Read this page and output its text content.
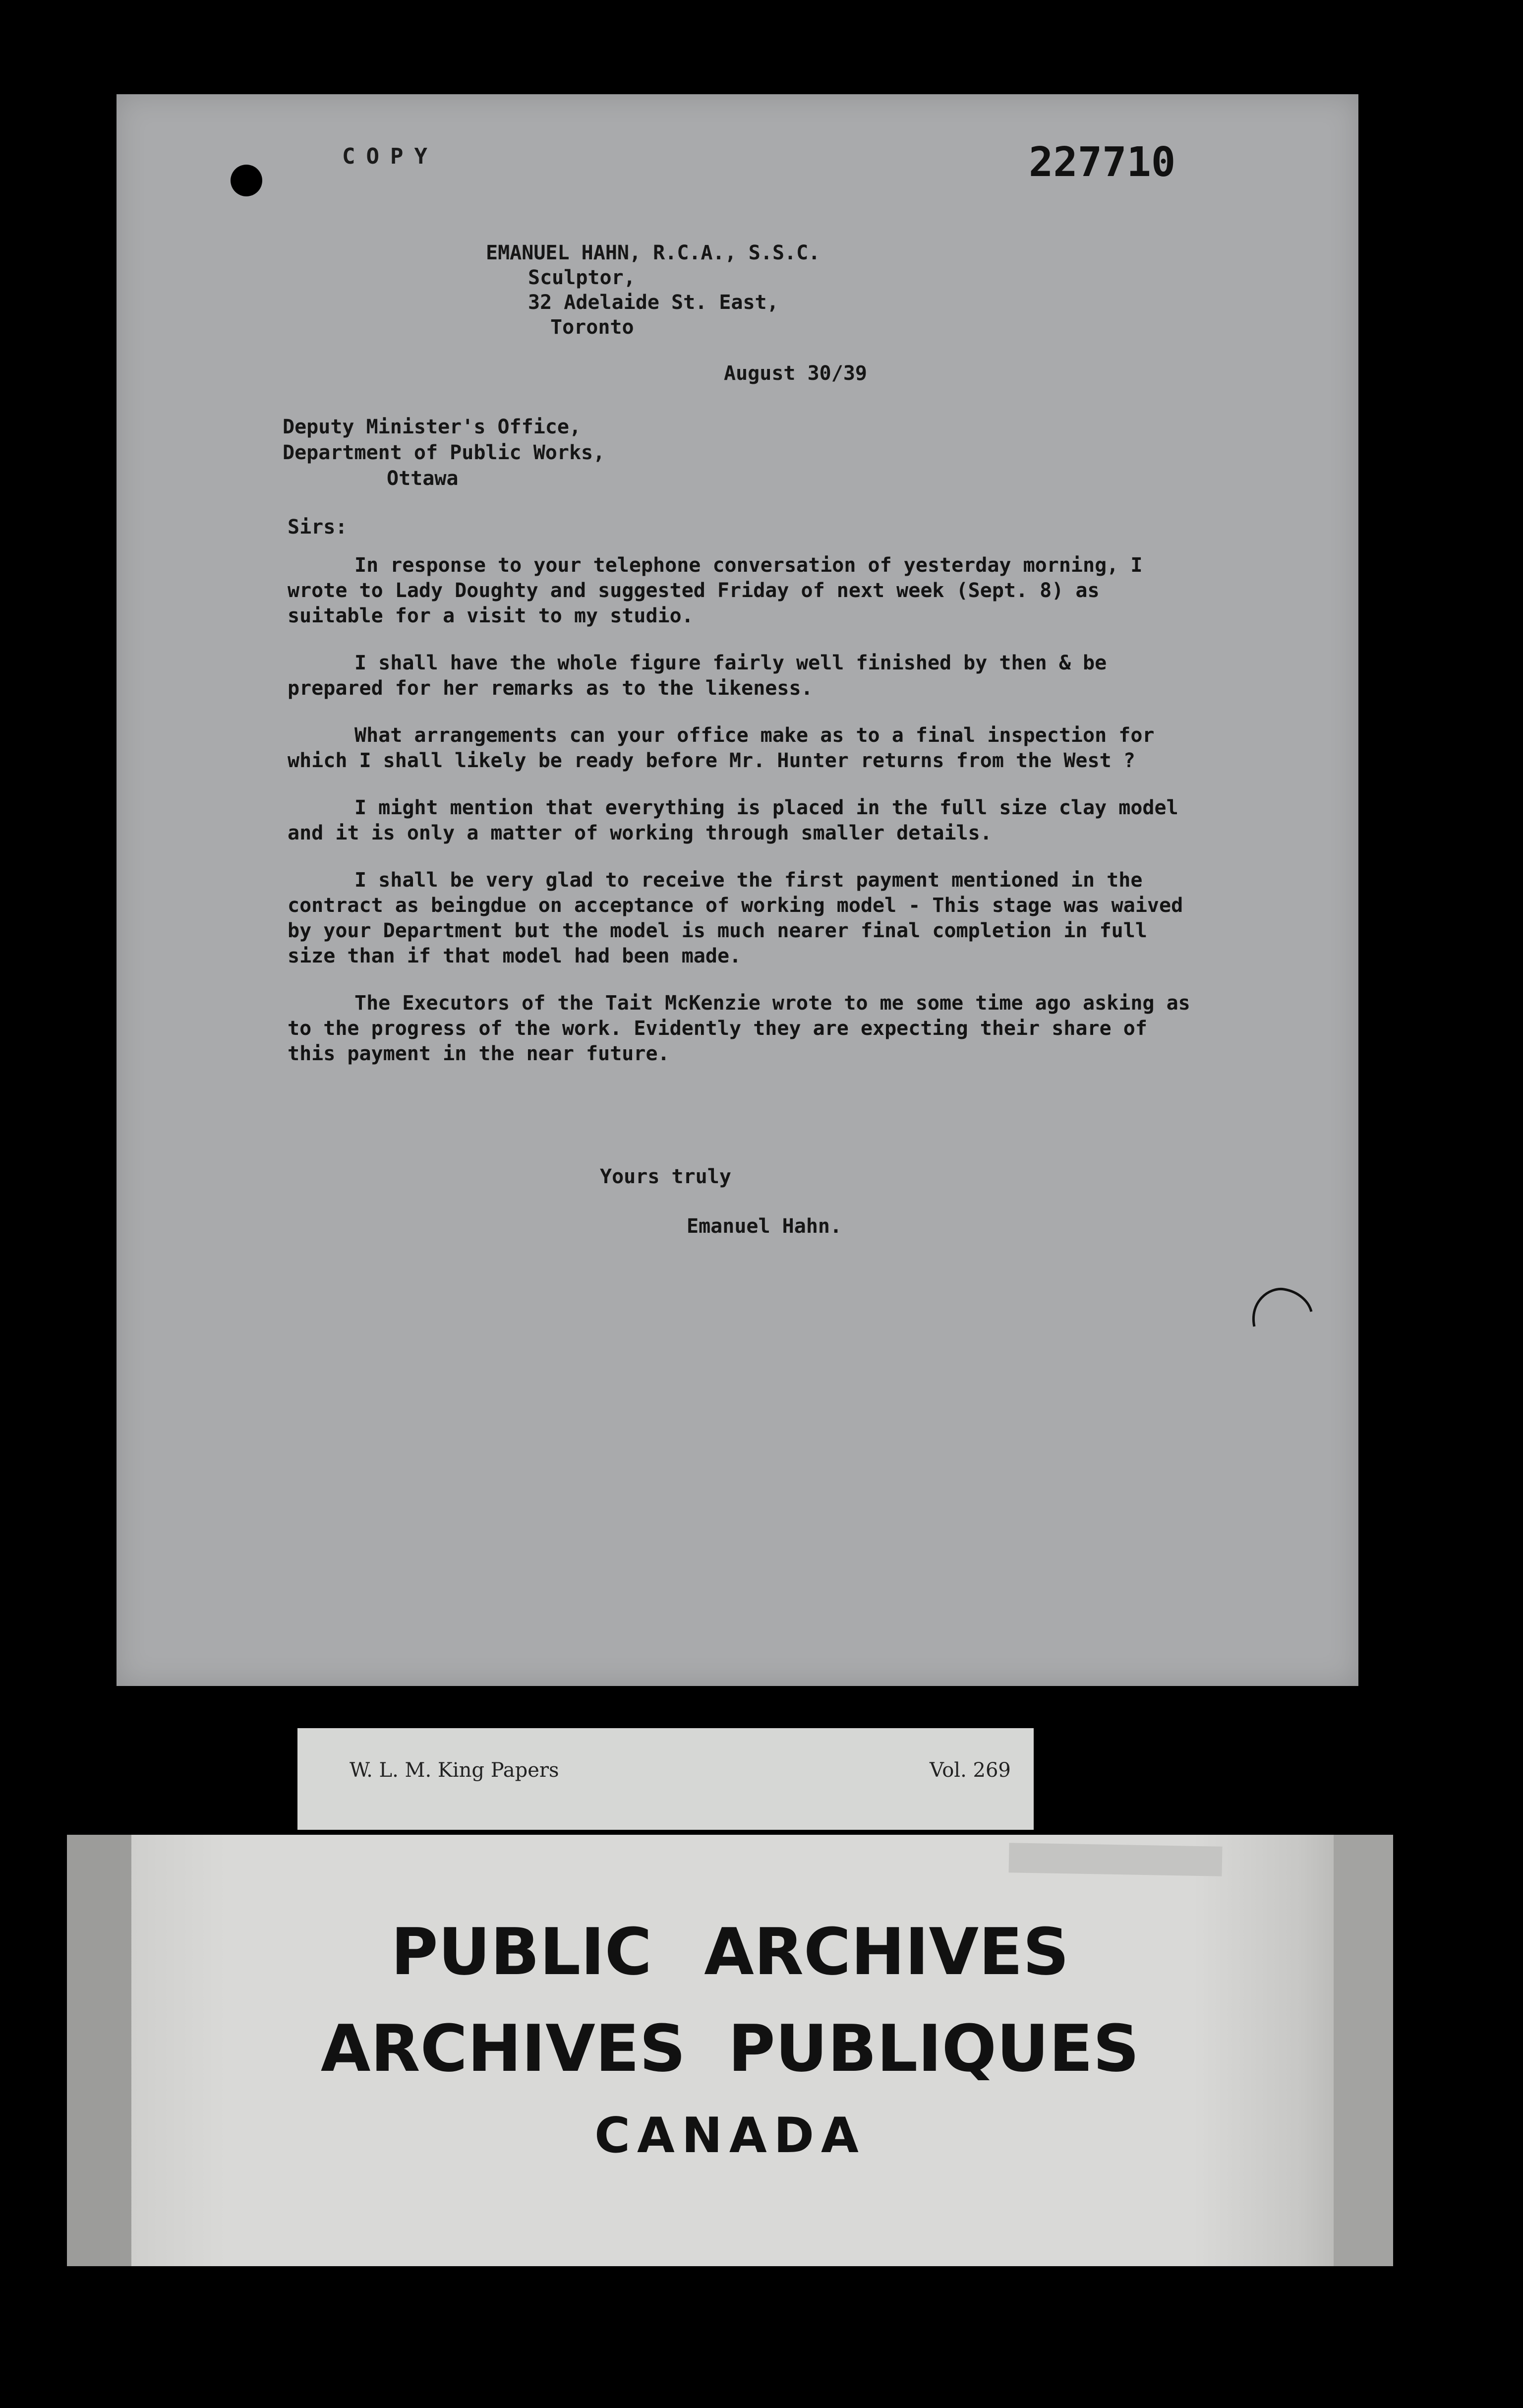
COPY	227710
EMANUEL HAHN, R.C.A., S.S.C.
Sculptor,
32 Adelaide St. East,
Toronto
August 30/39
Deputy Minister's Office,
Department of Public Works,
Ottawa
Sirs:

In response to your telephone conversation of yesterday morning, I wrote to Lady Doughty and suggested Friday of next week (Sept. 8) as suitable for a visit to my studio.

I shall have the whole figure fairly well finished by then & be prepared for her remarks as to the likeness.

What arrangements can your office make as to a final inspection for which I shall likely be ready before Mr. Hunter returns from the West ?

I might mention that everything is placed in the full size clay model and it is only a matter of working through smaller details.

I shall be very glad to receive the first payment mentioned in the contract as beingdue on acceptance of working model - This stage was waived by your Department but the model is much nearer final completion in full size than if that model had been made.

The Executors of the Tait McKenzie wrote to me some time ago asking as to the progress of the work. Evidently they are expecting their share of this payment in the near future.

Yours truly
Emanuel Hahn.
W. L. M. King Papers	Vol. 269
PUBLIC ARCHIVES
ARCHIVES PUBLIQUES
CANADA
